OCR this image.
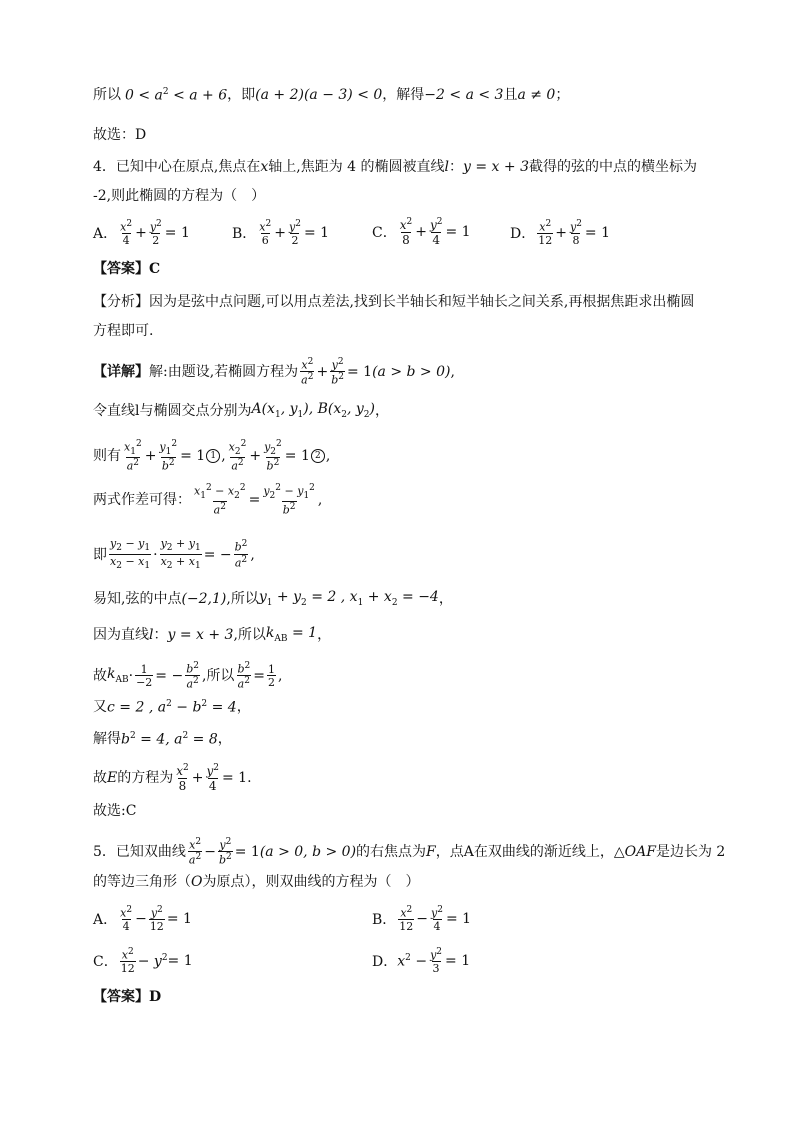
所以 $0 < a^2 < a + 6$ ，即 (a + 2)(a − 3) < 0 ，解得 −2 < a < 3 且 a ≠ 0 ；
故选：D
4．已知中心在原点,焦点在 x 轴上,焦距为 4 的椭圆被直线 l ： y = x + 3 截得的弦的中点的横坐标为
-2,则此椭圆的方程为（　）
A． $\frac{x^2}{4} + \frac{y^2}{2} = 1$	B． $\frac{x^2}{6} + \frac{y^2}{2} = 1$	C． $\frac{x^2}{8} + \frac{y^2}{4} = 1$	D． $\frac{x^2}{12} + \frac{y^2}{8} = 1$
【答案】C
【分析】因为是弦中点问题,可以用点差法,找到长半轴长和短半轴长之间关系,再根据焦距求出椭圆
方程即可.
【详解】 解:由题设,若椭圆方程为 $\frac{x^2}{a^2} + \frac{y^2}{b^2} = 1$ (a > b > 0) ,
令直线l与椭圆交点分别为 $A(x_1$, $y_1$), $B(x_2$, $y_2$) ，
则有 $\frac{x_1^2}{a^2} + \frac{y_1^2}{b^2} = 1$ 1 , $\frac{x_2^2}{a^2} + \frac{y_2^2}{b^2} = 1$ 2 ,
两式作差可得： $\frac{x_1^2 - x_2^2}{a^2} = \frac{y_2^2 - y_1^2}{b^2}$ ,
即 $\frac{y_2 - y_1}{x_2 - x_1} \cdot \frac{y_2 + y_1}{x_2 + x_1}$ = − $\frac{b^2}{a^2}$ ,
易知,弦的中点 (−2,1) ,所以 $y_1 + y_2 = 2$ , $x_1 + x_2 = -4$ ，
因为直线 l ： y = x + 3 ,所以 $k_{AB} = 1$ ，
故 $k_{AB} \cdot \frac{1}{-2}$ = − $\frac{b^2}{a^2}$ ,所以 $\frac{b^2}{a^2} = \frac{1}{2}$ ,
又 c = 2 , $a^2 - b^2 = 4$ ，
解得 $b^2 = 4$, $a^2 = 8$ ，
故 E 的方程为 $\frac{x^2}{8} + \frac{y^2}{4} = 1$.
故选:C
5．已知双曲线 $\frac{x^2}{a^2} - \frac{y^2}{b^2} = 1$ (a > 0, b > 0) 的右焦点为 F ，点A在双曲线的渐近线上， △OAF 是边长为 2
的等边三角形（ O 为原点），则双曲线的方程为（　）
A． $\frac{x^2}{4} - \frac{y^2}{12} = 1$	B． $\frac{x^2}{12} - \frac{y^2}{4} = 1$
C． $\frac{x^2}{12} - y^2 = 1$	D． $x^2 - \frac{y^2}{3} = 1$
【答案】D
